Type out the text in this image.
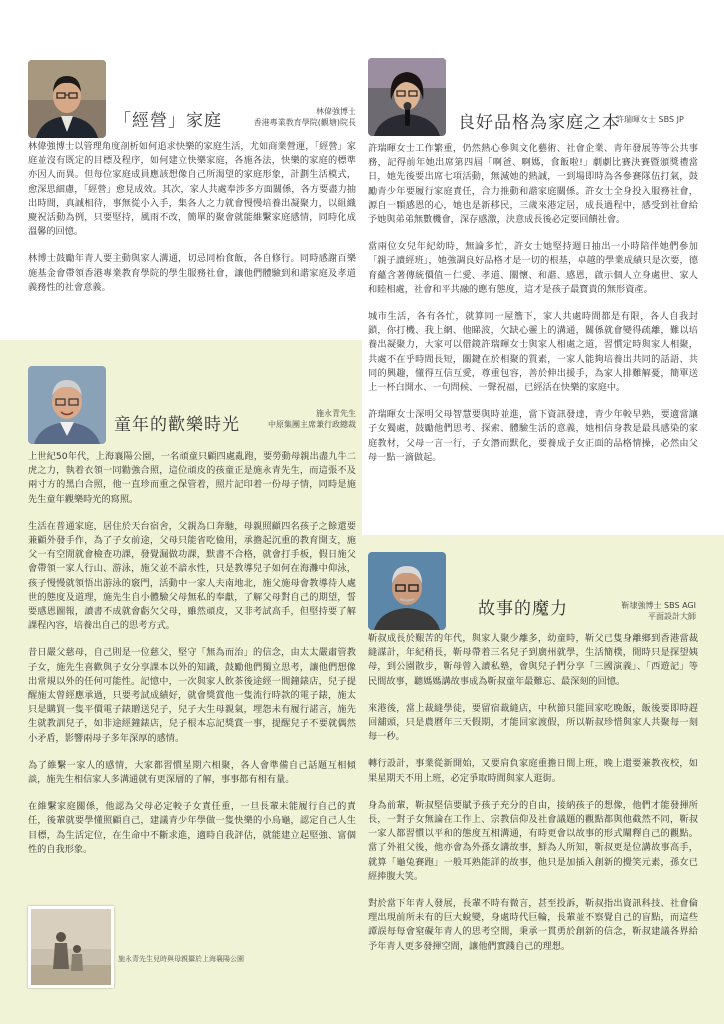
「經營」家庭	林偉強博士
香港專業教育學院(觀塘)院長

林偉強博士以管理角度剖析如何追求快樂的家庭生活，尤如商業營運，「經營」家庭並沒有既定的目標及程序，如何建立快樂家庭，各施各法，快樂的家庭的標準亦因人而異。但每位家庭成員應該想像自己所渴望的家庭形象，計劃生活模式，愈深思細慮，「經營」愈見成效。其次，家人共處奉涉多方面關係，各方要盡力抽出時間，真誠相待，事無從小入手，集各人之力就會慢慢培養出凝聚力，以組織慶祝活動為例，只要堅持，風雨不改，簡單的聚會就能維繫家庭感情，同時化成溫馨的回憶。

林博士鼓勵年青人要主動與家人溝通，切忌同枱食飯，各自修行。同時感謝百樂施基金會帶領香港專業教育學院的學生服務社會，讓他們體驗到和諧家庭及孝道義務性的社會意義。

良好品格為家庭之本
許瑞暉女士 SBS JP

許瑞暉女士工作繁重，仍然熱心參與文化藝術、社會企業、青年發展等等公共事務，記得前年她出席第四屆「啊爸、啊媽，食飯啦!」劇劇比賽決賽暨頒獎禮當日，她先後要出席七項活動，無減她的熱誠，一到場即時為各參賽隊伍打氣，鼓勵青少年要履行家庭責任，合力推動和諧家庭關係。許女士全身投入服務社會，源自一顆感恩的心，她也是新移民，三歲來港定居，成長過程中，感受到社會給予她與弟弟無數機會，深存感激，決意成長後必定要回饋社會。

當兩位女兒年紀幼時，無論多忙，許女士她堅持週日抽出一小時陪伴她們參加「親子讀經班」，她強調良好品格才是一切的根基，卓越的學業成績只是次要，德育蘊含著傳統價值－仁愛、孝道、關懷、和諧、感恩，啟示個人立身處世、家人和睦相處，社會和平共融的應有態度，這才是孩子最寶貴的無形資產。

城市生活，各有各忙，就算同一屋簷下，家人共處時間都是有限，各人自我封鎖，你打機、我上網、他睇波，欠缺心靈上的溝通，關係就會變得疏離，難以培養出凝聚力，大家可以借鏡許瑞暉女士與家人相處之道，習慣定時與家人相聚，共處不在乎時間長短，關鍵在於相聚的質素，一家人能夠培養出共同的話語、共同的興趣，懂得互信互愛，尊重包容，善於伸出援手，為家人排難解憂，簡單送上一杯白開水、一句問候、一聲祝福，已經活在快樂的家庭中。

許瑞暉女士深明父母智慧要與時並進，當下資訊發達，青少年較早熟，要適當讓子女獨處，鼓勵他們思考、探索、體驗生活的意義，她相信身教是最具感染的家庭教材，父母一言一行，子女潛而默化，要養成子女正面的品格情操，必然由父母一點一滴做起。

童年的歡樂時光
施永青先生
中原集團主席兼行政總裁

上世紀50年代，上海襄陽公園，一名頑童只顧四處亂跑，要勞動母親出盡九牛二虎之力，執着衣領一同勸強合照，這位頑皮的孩童正是施永青先生，而這張不及兩寸方的黑白合照，他一直珍而重之保管着，照片記印着一份母子情，同時是施先生童年觀樂時光的寫照。

生活在普通家庭，居住於天台宿舍，父親為口奔馳，母親照顧四名孩子之餘還要兼顧外發手作，為了子女前途，父母只能省吃儉用，承擔起沉重的教育開支，施父一有空閒就會檢查功課，發覺漏做功課，默書不合格，就會打手板，假日施父會帶領一家人行山、游泳，施父並不諳水性，只是教導兒子如何在海灘中仰泳，孩子慢慢就領悟出游泳的竅門，活動中一家人夫南地北，施父施母會教導待人處世的態度及道理，施先生自小體驗父母無私的奉獻，了解父母對自己的期望，誓要感恩圖報，讀書不成就會虧欠父母，雖然頑皮，又非考試高手，但堅持要了解課程內容，培養出自己的思考方式。

昔日嚴父慈母，自己則是一位慈父，堅守「無為而治」的信念，由太太嚴肅管教子女，施先生喜歡與子女分享課本以外的知識，鼓勵他們獨立思考，讓他們想像出常規以外的任何可能性。記憶中，一次與家人飲茶後途經一間鐘錶店，兒子提醒施太曾經應承過，只要考試成績好，就會獎賞他一隻流行時款的電子錶，施太只是購買一隻平價電子錶贈送兒子，兒子大生母親氣，埋怨未有履行諾言，施先生就教訓兒子，如非途經鐘錶店，兒子根本忘記獎賞一事，提醒兒子不要就偶然小矛盾，影響兩母子多年深厚的感情。

為了維繫一家人的感情，大家都習慣星期六相聚，各人會準備自己話題互相傾談，施先生相信家人多溝通就有更深層的了解，事事都有相有量。

在維繫家庭關係，他認為父母必定較子女責任重，一旦長輩未能履行自己的責任，後輩就要學懂照顧自己，建議青少年學做一隻快樂的小烏龜，認定自己人生目標，為生活定位，在生命中不斷求進，適時自我評估，就能建立起堅強、富個性的自我形象。

施永青先生兒時與母親攝於上海襄陽公園
故事的魔力	靳埭強博士 SBS AGI
平面設計大師

靳叔成長於艱苦的年代，與家人聚少離多，幼童時，靳父已隻身離鄉到香港當裁縫謀計，年紀稍長，靳母帶着三名兒子到廣州就學，生活簡樸，閒時只是探望姨母，到公園散步，靳母曾入讀私塾，會與兒子們分享「三國演義」、「西遊記」等民間故事，聽媽媽講故事成為靳叔童年最難忘、最深刻的回憶。

來港後，當上裁縫學徒，要留宿裁縫店，中秋節只能回家吃晚飯，飯後要即時趕回舖頭，只是農曆年三天假期，才能回家渡假，所以靳叔珍惜與家人共聚每一刻每一秒。

轉行設計，事業從新開始，又要肩負家庭重擔日間上班，晚上還要兼教夜校，如果星期天不用上班，必定爭取時間與家人逛街。

身為前輩，靳叔堅信要賦予孩子充分的自由，接納孩子的想像，他們才能發揮所長，一對子女無論在工作上、宗教信仰及社會議題的觀點都與他截然不同，靳叔一家人都習慣以平和的態度互相溝通，有時更會以故事的形式闡釋自己的觀點。當了外祖父後，他亦會為外孫女講故事，鮮為人所知，靳叔更是位講故事高手，就算「龜兔賽跑」一般耳熟能詳的故事，他只是加插入創新的攪笑元素，孫女已經捧腹大笑。

對於當下年青人發展，長輩不時有微言，甚至投訴，靳叔指出資訊科技、社會倫理出現前所未有的巨大蛻變，身處時代巨輪，長輩並不察覺自己的盲點，而這些譚誤每每會窒礙年青人的思考空間，秉承一貫勇於創新的信念，靳叔建議各界給予年青人更多發揮空間，讓他們實踐自己的理想。
